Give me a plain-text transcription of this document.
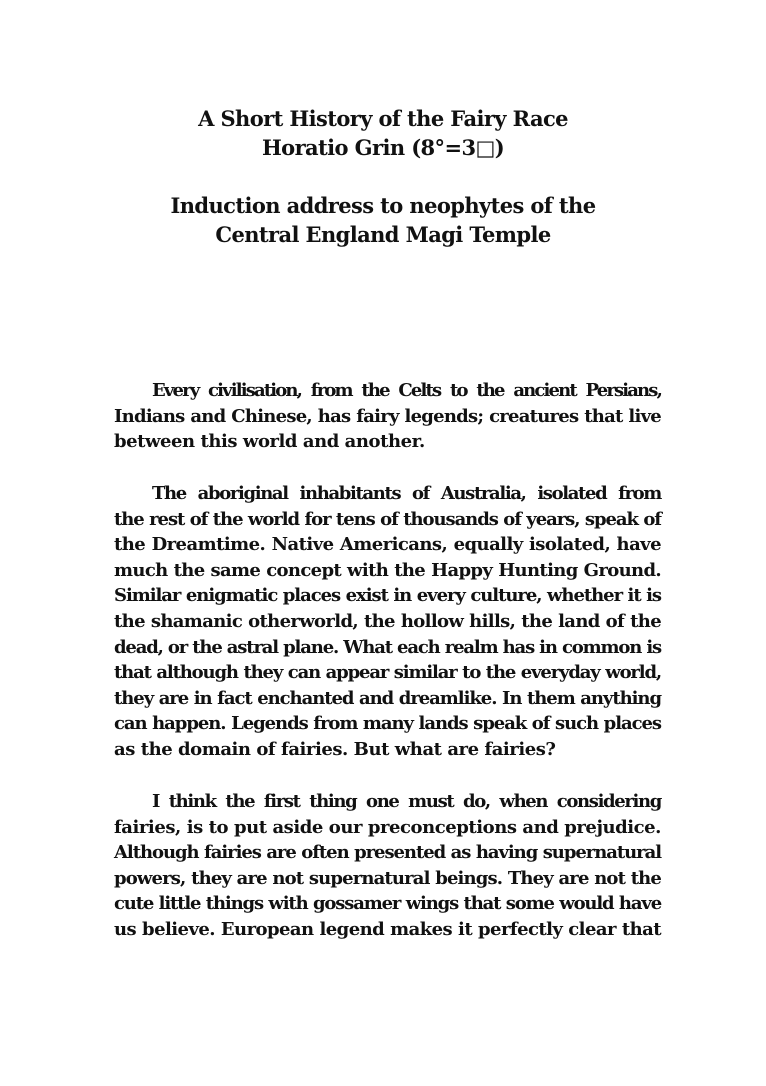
A Short History of the Fairy Race
Horatio Grin (8°=3□)
Induction address to neophytes of the
Central England Magi Temple
Every civilisation, from the Celts to the ancient Persians,
Indians and Chinese, has fairy legends; creatures that live
between this world and another.
The aboriginal inhabitants of Australia, isolated from
the rest of the world for tens of thousands of years, speak of
the Dreamtime. Native Americans, equally isolated, have
much the same concept with the Happy Hunting Ground.
Similar enigmatic places exist in every culture, whether it is
the shamanic otherworld, the hollow hills, the land of the
dead, or the astral plane. What each realm has in common is
that although they can appear similar to the everyday world,
they are in fact enchanted and dreamlike. In them anything
can happen. Legends from many lands speak of such places
as the domain of fairies. But what are fairies?
I think the first thing one must do, when considering
fairies, is to put aside our preconceptions and prejudice.
Although fairies are often presented as having supernatural
powers, they are not supernatural beings. They are not the
cute little things with gossamer wings that some would have
us believe. European legend makes it perfectly clear that
